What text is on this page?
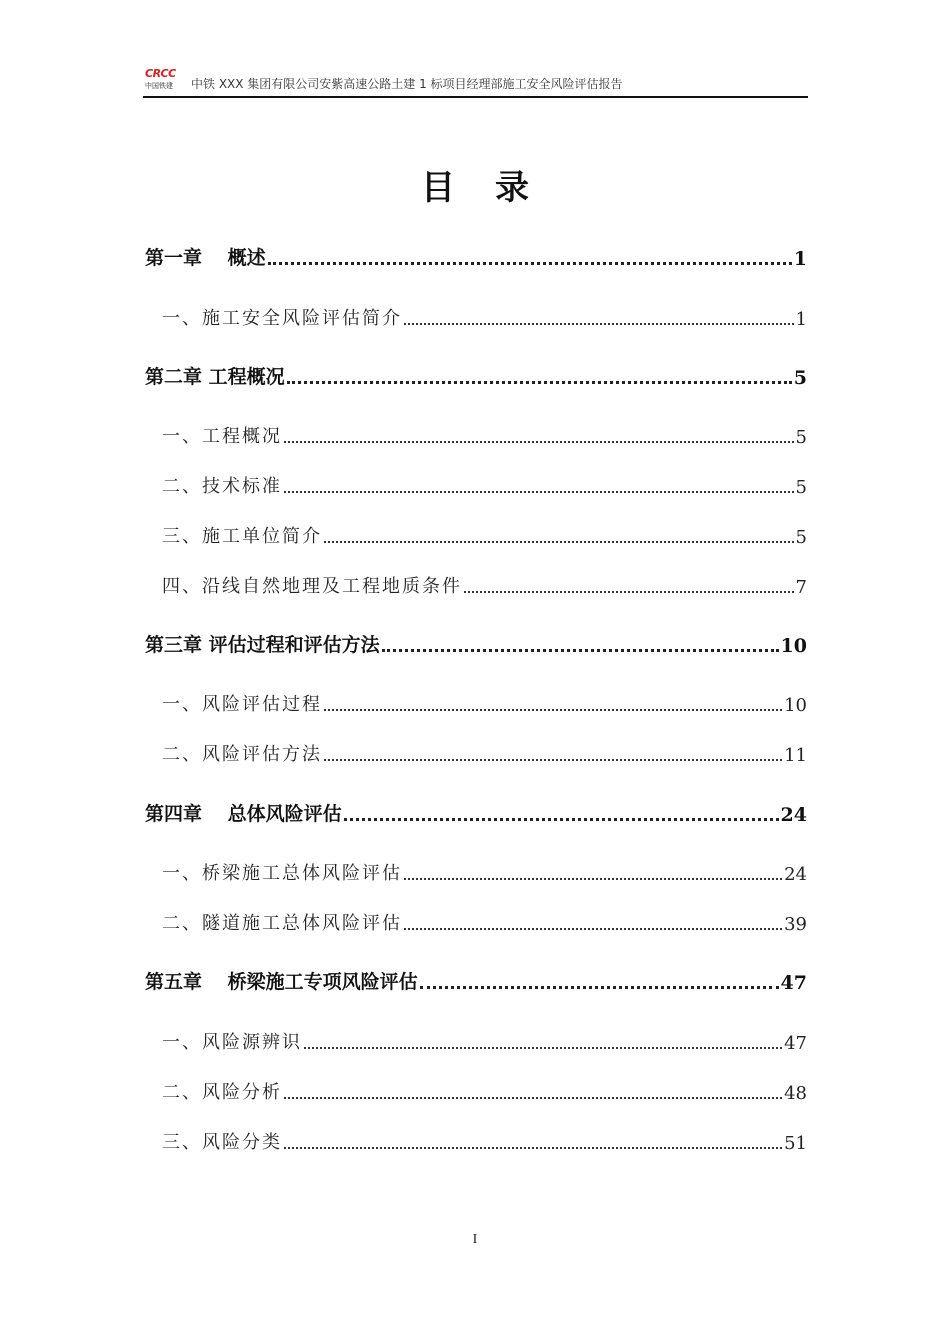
CRCC
中国铁建	中铁 XXX 集团有限公司安紫高速公路土建 1 标项目经理部施工安全风险评估报告
目录
第一章　 概述	1
一、施工安全风险评估简介	1
第二章 工程概况	5
一、工程概况	5
二、技术标准	5
三、施工单位简介	5
四、沿线自然地理及工程地质条件	7
第三章 评估过程和评估方法	10
一、风险评估过程	10
二、风险评估方法	11
第四章　 总体风险评估	24
一、桥梁施工总体风险评估	24
二、隧道施工总体风险评估	39
第五章　 桥梁施工专项风险评估	47
一、风险源辨识	47
二、风险分析	48
三、风险分类	51
I
